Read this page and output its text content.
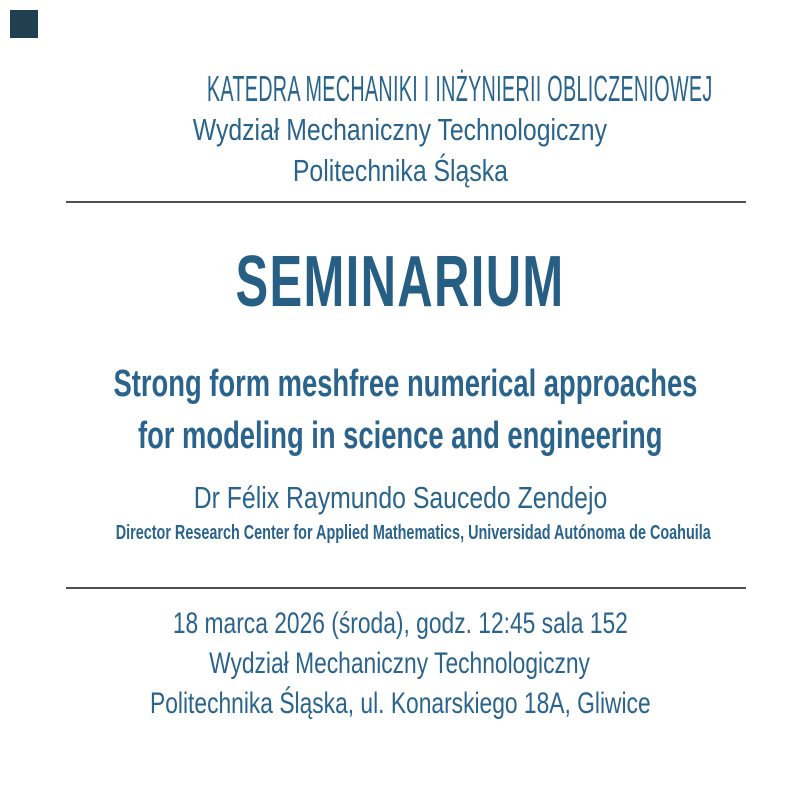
KATEDRA MECHANIKI I INŻYNIERII OBLICZENIOWEJ
Wydział Mechaniczny Technologiczny
Politechnika Śląska
SEMINARIUM
Strong form meshfree numerical approaches
for modeling in science and engineering
Dr Félix Raymundo Saucedo Zendejo
Director Research Center for Applied Mathematics, Universidad Autónoma de Coahuila
18 marca 2026 (środa), godz. 12:45 sala 152
Wydział Mechaniczny Technologiczny
Politechnika Śląska, ul. Konarskiego 18A, Gliwice
